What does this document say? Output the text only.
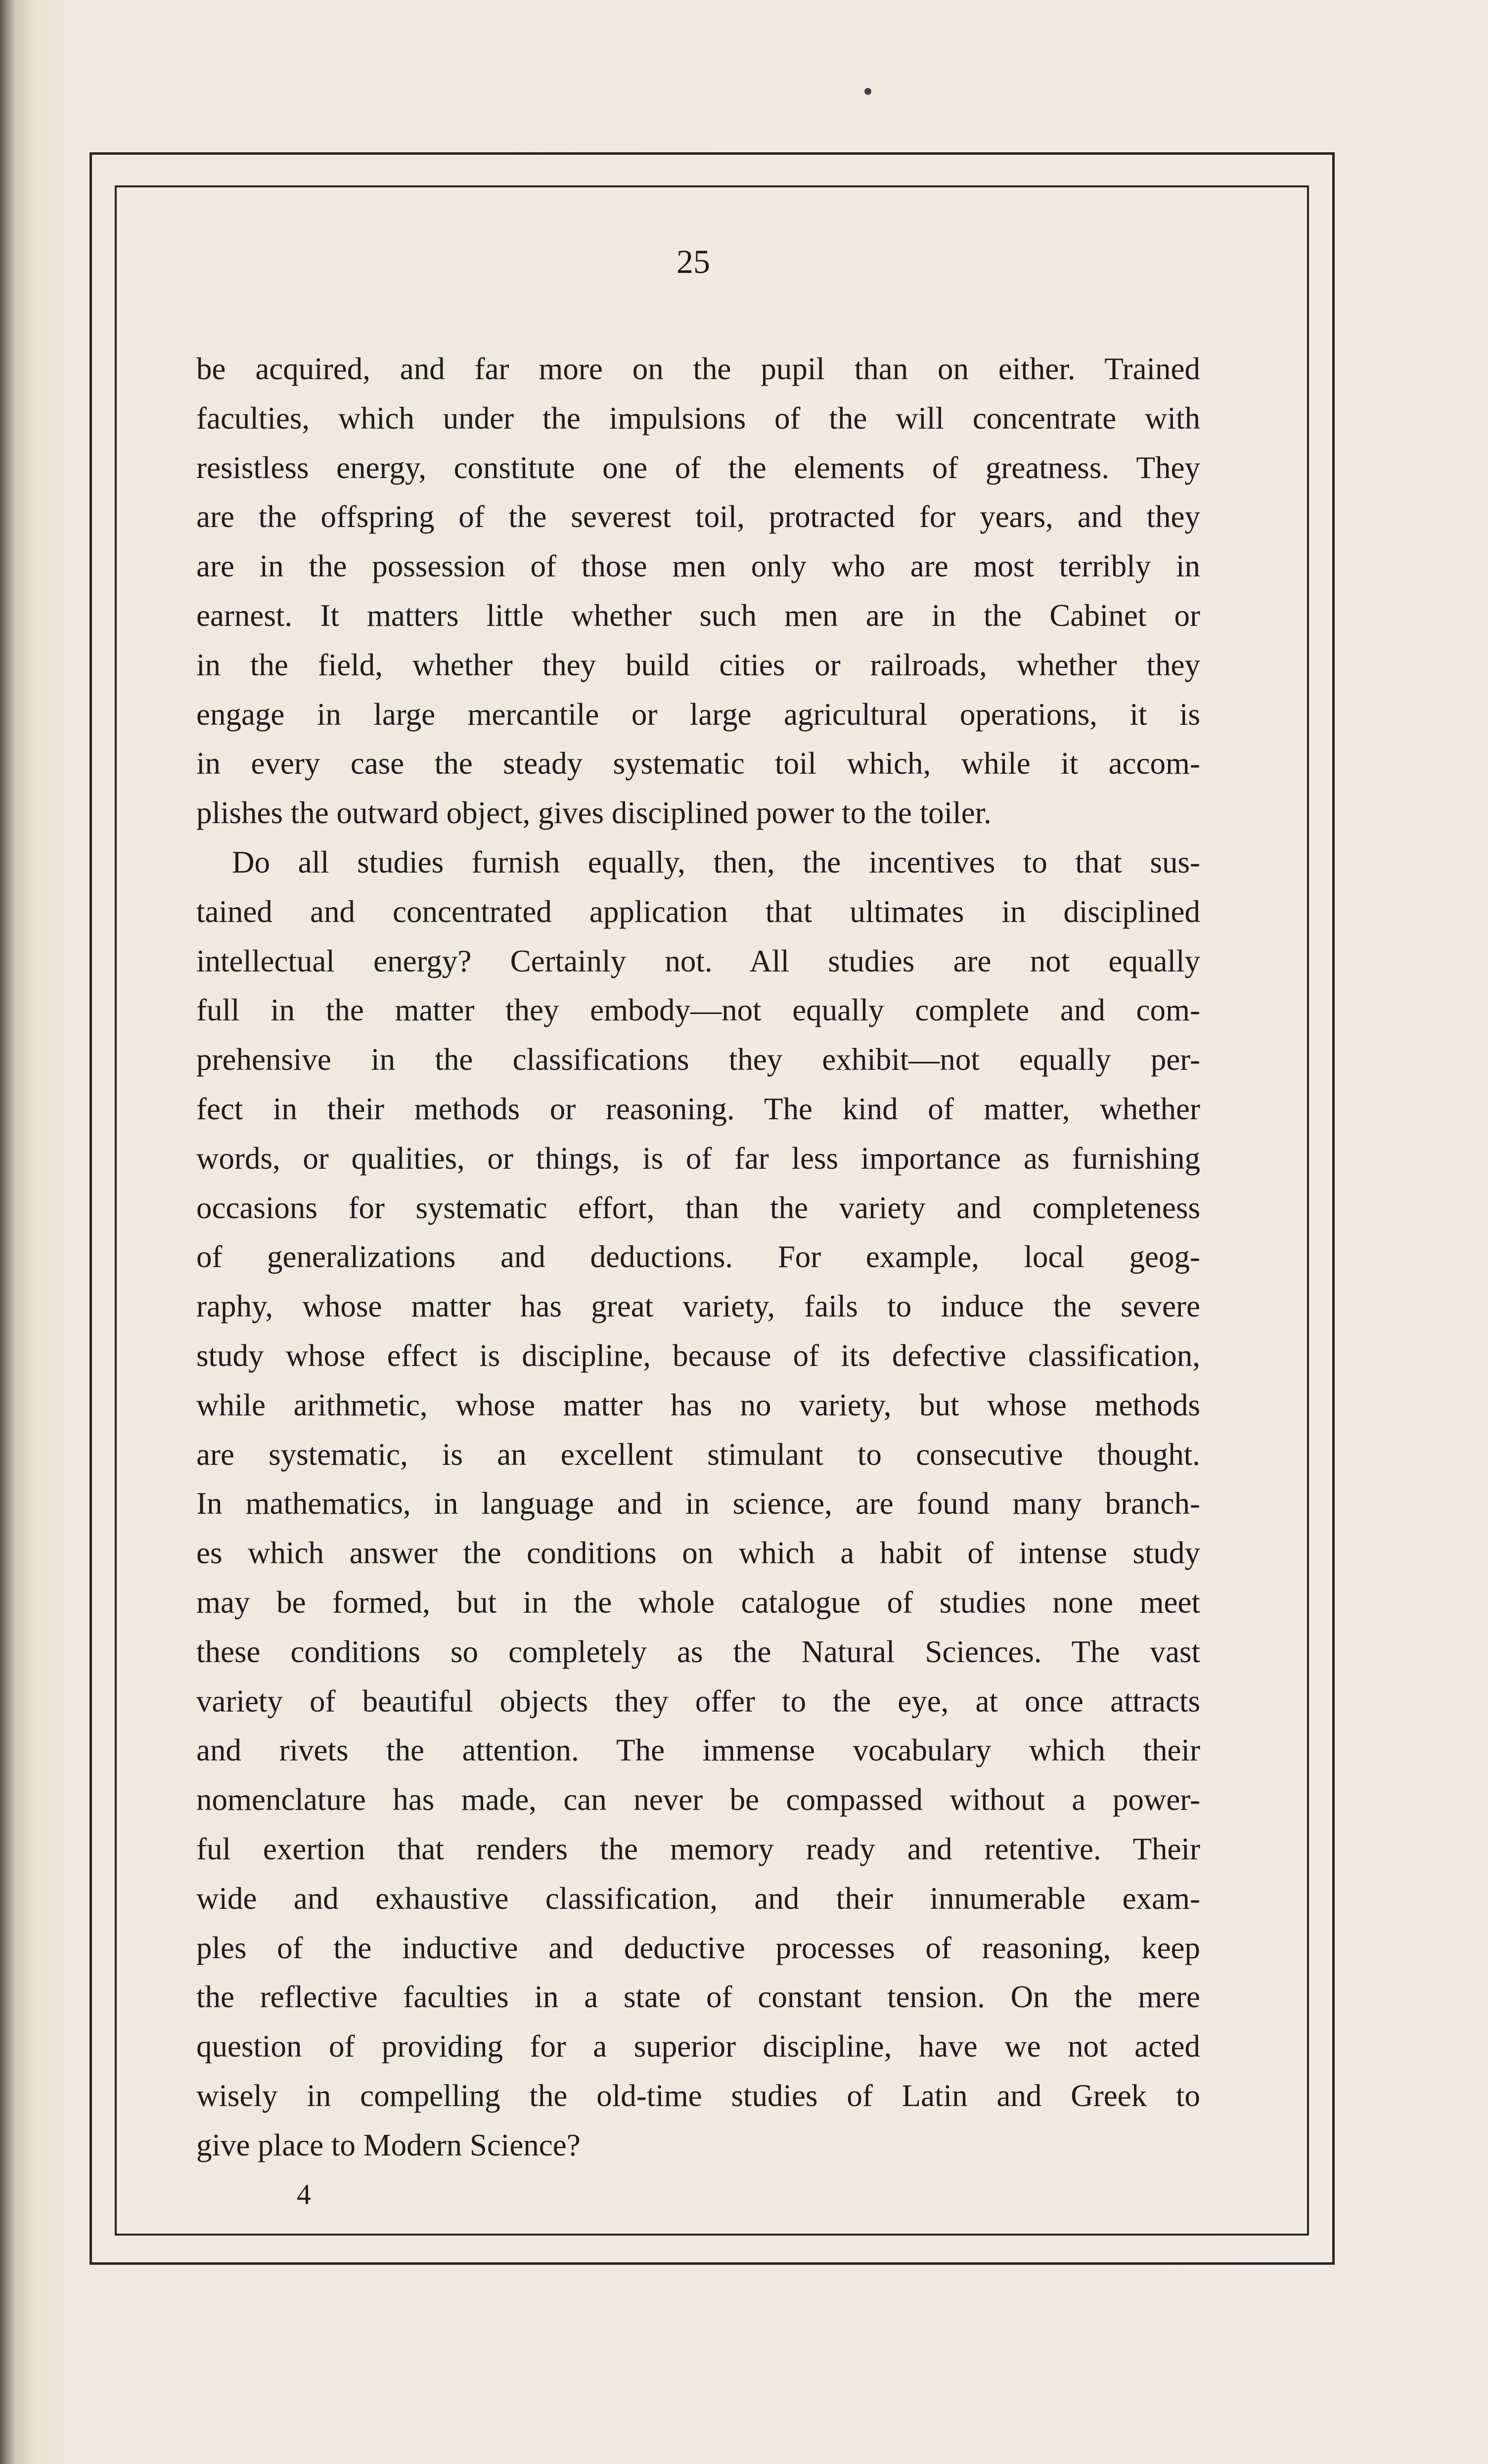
25
be acquired, and far more on the pupil than on either. Trained
faculties, which under the impulsions of the will concentrate with
resistless energy, constitute one of the elements of greatness. They
are the offspring of the severest toil, protracted for years, and they
are in the possession of those men only who are most terribly in
earnest. It matters little whether such men are in the Cabinet or
in the field, whether they build cities or railroads, whether they
engage in large mercantile or large agricultural operations, it is
in every case the steady systematic toil which, while it accom-
plishes the outward object, gives disciplined power to the toiler.
Do all studies furnish equally, then, the incentives to that sus-
tained and concentrated application that ultimates in disciplined
intellectual energy? Certainly not. All studies are not equally
full in the matter they embody—not equally complete and com-
prehensive in the classifications they exhibit—not equally per-
fect in their methods or reasoning. The kind of matter, whether
words, or qualities, or things, is of far less importance as furnishing
occasions for systematic effort, than the variety and completeness
of generalizations and deductions. For example, local geog-
raphy, whose matter has great variety, fails to induce the severe
study whose effect is discipline, because of its defective classification,
while arithmetic, whose matter has no variety, but whose methods
are systematic, is an excellent stimulant to consecutive thought.
In mathematics, in language and in science, are found many branch-
es which answer the conditions on which a habit of intense study
may be formed, but in the whole catalogue of studies none meet
these conditions so completely as the Natural Sciences. The vast
variety of beautiful objects they offer to the eye, at once attracts
and rivets the attention. The immense vocabulary which their
nomenclature has made, can never be compassed without a power-
ful exertion that renders the memory ready and retentive. Their
wide and exhaustive classification, and their innumerable exam-
ples of the inductive and deductive processes of reasoning, keep
the reflective faculties in a state of constant tension. On the mere
question of providing for a superior discipline, have we not acted
wisely in compelling the old-time studies of Latin and Greek to
give place to Modern Science?
4
